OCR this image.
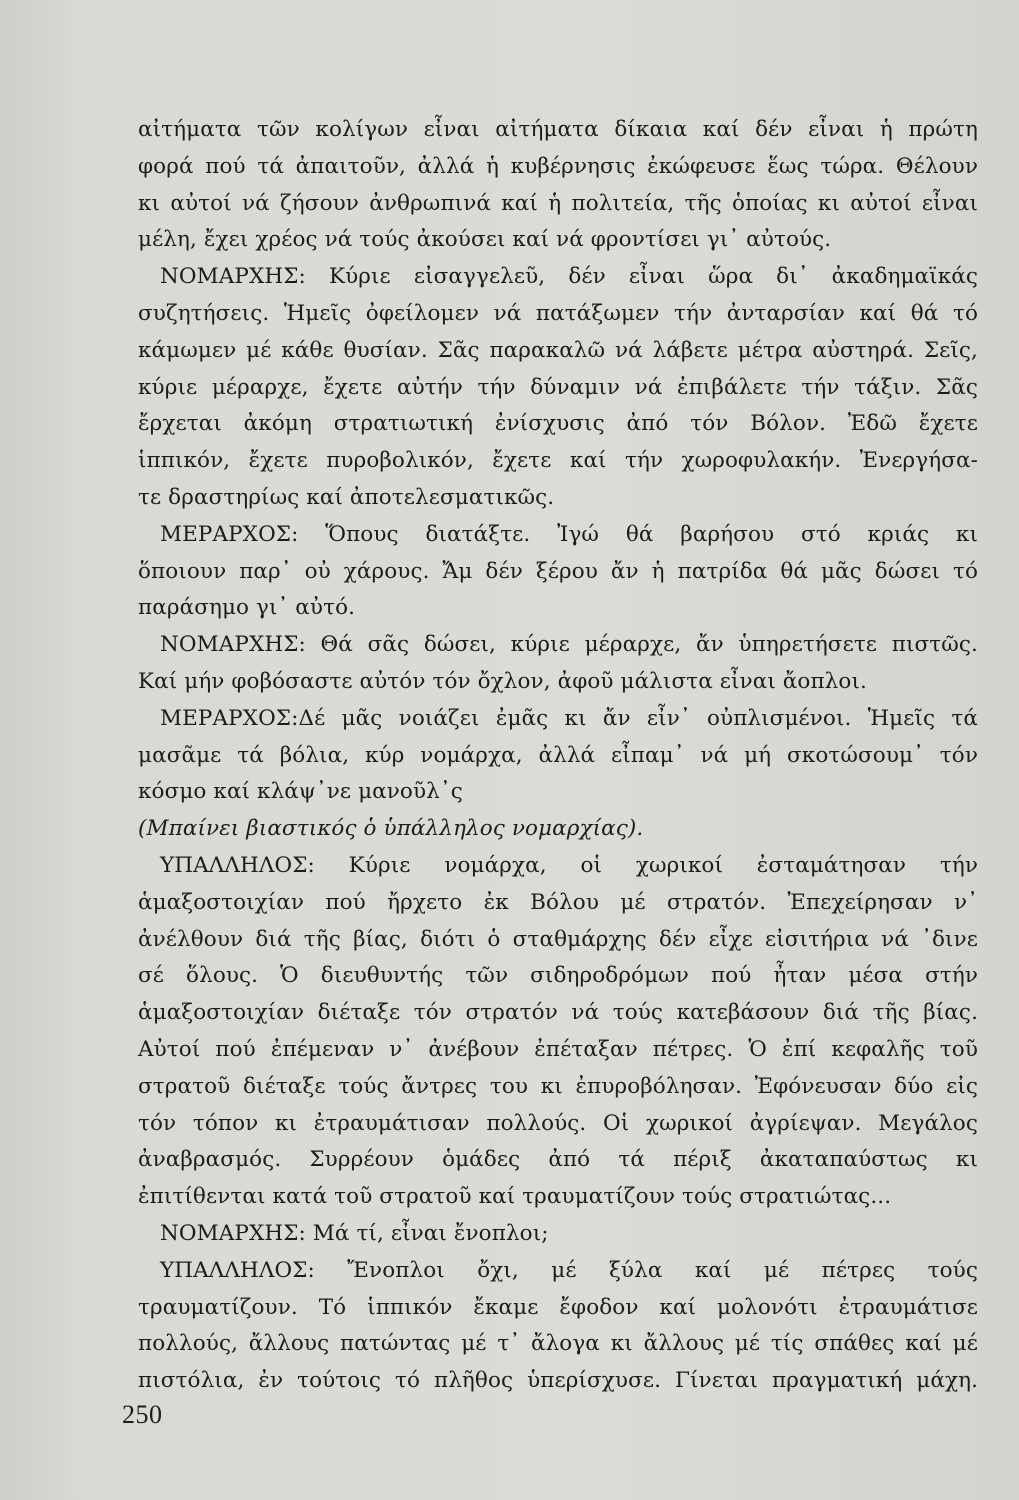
αἰτήματα τῶν κολίγων εἶναι αἰτήματα δίκαια καί δέν εἶναι ἡ πρώτη
φορά πού τά ἀπαιτοῦν, ἀλλά ἡ κυβέρνησις ἐκώφευσε ἕως τώρα. Θέλουν
κι αὐτοί νά ζήσουν ἀνθρωπινά καί ἡ πολιτεία, τῆς ὁποίας κι αὐτοί εἶναι
μέλη, ἔχει χρέος νά τούς ἀκούσει καί νά φροντίσει γι᾽ αὐτούς.
ΝΟΜΑΡΧΗΣ: Κύριε εἰσαγγελεῦ, δέν εἶναι ὥρα δι᾽ ἀκαδημαϊκάς
συζητήσεις. Ἡμεῖς ὀφείλομεν νά πατάξωμεν τήν ἀνταρσίαν καί θά τό
κάμωμεν μέ κάθε θυσίαν. Σᾶς παρακαλῶ νά λάβετε μέτρα αὐστηρά. Σεῖς,
κύριε μέραρχε, ἔχετε αὐτήν τήν δύναμιν νά ἐπιβάλετε τήν τάξιν. Σᾶς
ἔρχεται ἀκόμη στρατιωτική ἐνίσχυσις ἀπό τόν Βόλον. Ἐδῶ ἔχετε
ἱππικόν, ἔχετε πυροβολικόν, ἔχετε καί τήν χωροφυλακήν. Ἐνεργήσα-
τε δραστηρίως καί ἀποτελεσματικῶς.
ΜΕΡΑΡΧΟΣ: Ὅπους διατάξτε. Ἰγώ θά βαρήσου στό κριάς κι
ὅποιουν παρ᾽ οὐ χάρους. Ἄμ δέν ξέρου ἄν ἡ πατρίδα θά μᾶς δώσει τό
παράσημο γι᾽ αὐτό.
ΝΟΜΑΡΧΗΣ: Θά σᾶς δώσει, κύριε μέραρχε, ἄν ὑπηρετήσετε πιστῶς.
Καί μήν φοβόσαστε αὐτόν τόν ὄχλον, ἀφοῦ μάλιστα εἶναι ἄοπλοι.
ΜΕΡΑΡΧΟΣ:Δέ μᾶς νοιάζει ἐμᾶς κι ἄν εἶν᾽ οὐπλισμένοι. Ἡμεῖς τά
μασᾶμε τά βόλια, κύρ νομάρχα, ἀλλά εἶπαμ᾽ νά μή σκοτώσουμ᾽ τόν
κόσμο καί κλάψ᾽νε μανοῦλ᾽ς
(Μπαίνει βιαστικός ὁ ὑπάλληλος νομαρχίας).
ΥΠΑΛΛΗΛΟΣ: Κύριε νομάρχα, οἱ χωρικοί ἐσταμάτησαν τήν
ἁμαξοστοιχίαν πού ἤρχετο ἐκ Βόλου μέ στρατόν. Ἐπεχείρησαν ν᾽
ἀνέλθουν διά τῆς βίας, διότι ὁ σταθμάρχης δέν εἶχε εἰσιτήρια νά ᾽δινε
σέ ὅλους. Ὁ διευθυντής τῶν σιδηροδρόμων πού ἦταν μέσα στήν
ἁμαξοστοιχίαν διέταξε τόν στρατόν νά τούς κατεβάσουν διά τῆς βίας.
Αὐτοί πού ἐπέμεναν ν᾽ ἀνέβουν ἐπέταξαν πέτρες. Ὁ ἐπί κεφαλῆς τοῦ
στρατοῦ διέταξε τούς ἄντρες του κι ἐπυροβόλησαν. Ἐφόνευσαν δύο εἰς
τόν τόπον κι ἐτραυμάτισαν πολλούς. Οἱ χωρικοί ἀγρίεψαν. Μεγάλος
ἀναβρασμός. Συρρέουν ὁμάδες ἀπό τά πέριξ ἀκαταπαύστως κι
ἐπιτίθενται κατά τοῦ στρατοῦ καί τραυματίζουν τούς στρατιώτας...
ΝΟΜΑΡΧΗΣ: Μά τί, εἶναι ἔνοπλοι;
ΥΠΑΛΛΗΛΟΣ: Ἔνοπλοι ὄχι, μέ ξύλα καί μέ πέτρες τούς
τραυματίζουν. Τό ἱππικόν ἔκαμε ἔφοδον καί μολονότι ἐτραυμάτισε
πολλούς, ἄλλους πατώντας μέ τ᾽ ἄλογα κι ἄλλους μέ τίς σπάθες καί μέ
πιστόλια, ἐν τούτοις τό πλῆθος ὑπερίσχυσε. Γίνεται πραγματική μάχη.
250
